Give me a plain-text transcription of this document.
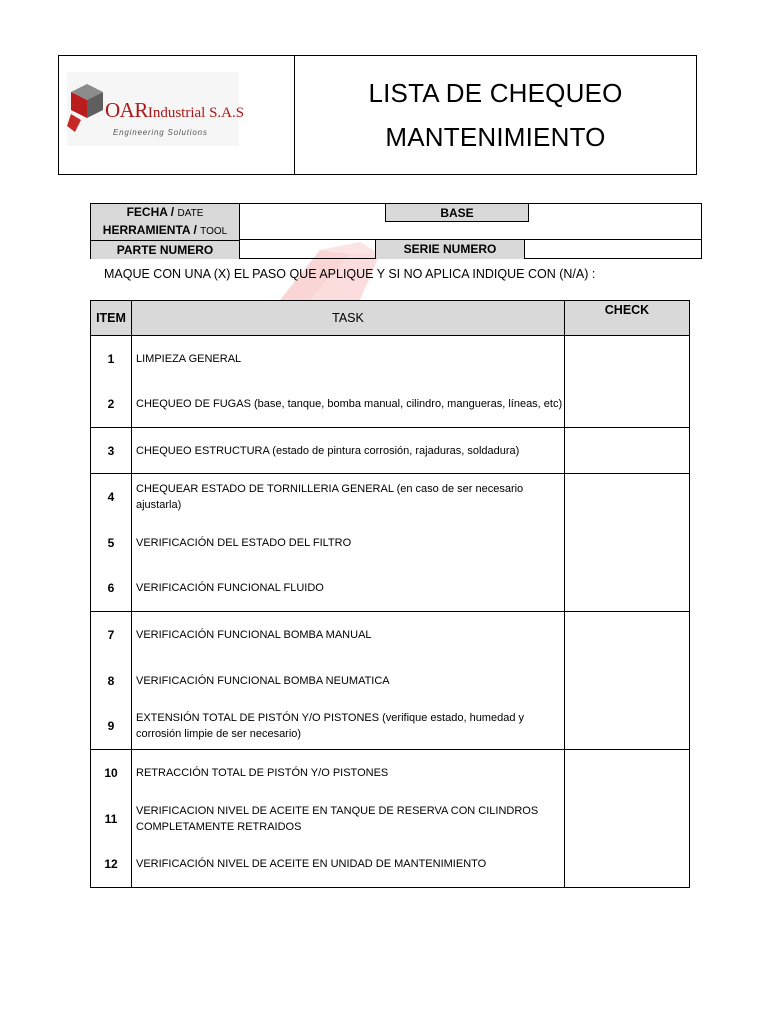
OARIndustrial S.A.S
Engineering Solutions
LISTA DE CHEQUEO
MANTENIMIENTO
FECHA / DATE
HERRAMIENTA / TOOL
PARTE NUMERO
BASE
SERIE NUMERO
MAQUE CON UNA (X) EL PASO QUE APLIQUE Y SI NO APLICA INDIQUE CON (N/A) :
ITEM	TASK	CHECK
1	LIMPIEZA GENERAL	
2	CHEQUEO DE FUGAS (base, tanque, bomba manual, cilindro, mangueras, líneas, etc)	
3	CHEQUEO ESTRUCTURA (estado de pintura corrosión, rajaduras, soldadura)	
4	CHEQUEAR ESTADO DE TORNILLERIA GENERAL (en caso de ser necesario ajustarla)	
5	VERIFICACIÓN DEL ESTADO DEL FILTRO	
6	VERIFICACIÓN FUNCIONAL FLUIDO	
7	VERIFICACIÓN FUNCIONAL BOMBA MANUAL	
8	VERIFICACIÓN FUNCIONAL BOMBA NEUMATICA	
9	EXTENSIÓN TOTAL DE PISTÓN Y/O PISTONES (verifique estado, humedad y corrosión limpie de ser necesario)	
10	RETRACCIÓN TOTAL DE PISTÓN Y/O PISTONES	
11	VERIFICACION NIVEL DE ACEITE EN TANQUE DE RESERVA CON CILINDROS COMPLETAMENTE RETRAIDOS	
12	VERIFICACIÓN NIVEL DE ACEITE EN UNIDAD DE MANTENIMIENTO	
